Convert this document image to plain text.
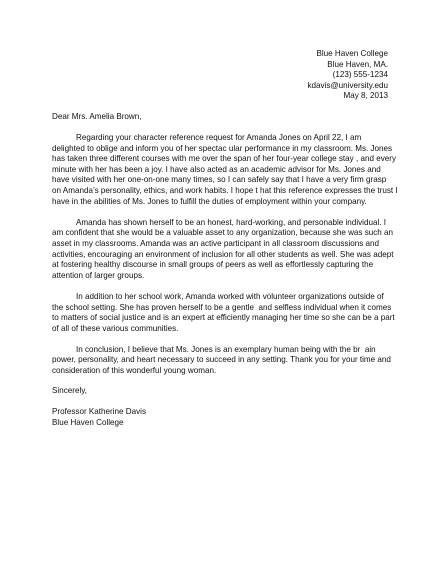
Blue Haven College
Blue Haven, MA.
(123) 555-1234
kdavis@university.edu
May 8, 2013
Dear Mrs. Amelia Brown,
Regarding your character reference request for Amanda Jones on April 22, I am
delighted to oblige and inform you of her spectac ular performance in my classroom. Ms. Jones
has taken three different courses with me over the span of her four-year college stay , and every
minute with her has been a joy. I have also acted as an academic advisor for Ms. Jones and
have visited with her one-on-one many times, so I can safely say that I have a very firm grasp
on Amanda’s personality, ethics, and work habits. I hope t hat this reference expresses the trust I
have in the abilities of Ms. Jones to fulfill the duties of employment within your company.
Amanda has shown herself to be an honest, hard-working, and personable individual. I
am confident that she would be a valuable asset to any organization, because she was such an
asset in my classrooms. Amanda was an active participant in all classroom discussions and
activities, encouraging an environment of inclusion for all other students as well. She was adept
at fostering healthy discourse in small groups of peers as well as effortlessly capturing the
attention of larger groups.
In addition to her school work, Amanda worked with volunteer organizations outside of
the school setting. She has proven herself to be a gentle  and selfless individual when it comes
to matters of social justice and is an expert at efficiently managing her time so she can be a part
of all of these various communities.
In conclusion, I believe that Ms. Jones is an exemplary human being with the br  ain
power, personality, and heart necessary to succeed in any setting. Thank you for your time and
consideration of this wonderful young woman.
Sincerely,
Professor Katherine Davis
Blue Haven College
